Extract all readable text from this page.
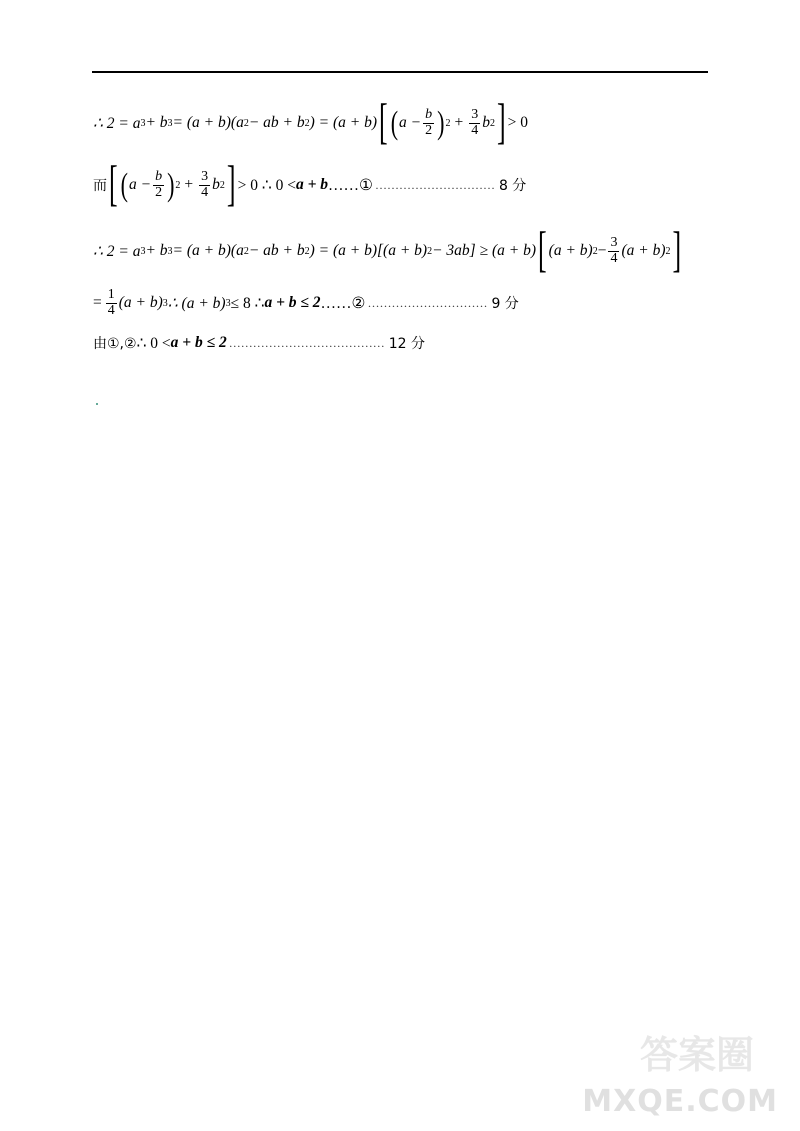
∴ 2 = a 3 + b 3 = (a + b)(a 2 − ab + b 2 ) = (a + b) [ ( $a - \frac{b}{2}$ ) $2 + \frac{3}{4}$ b 2 ] > 0
而 [ ( $a - \frac{b}{2}$ ) $2 + \frac{3}{4}$ b 2 ] > 0 ∴ 0 < a + b ……① ………………………… 8 分
∴ 2 = a 3 + b 3 = (a + b)(a 2 − ab + b 2 ) = (a + b)[(a + b) 2 − 3ab] ≥ (a + b) [ (a + b) $2 - \frac{3}{4} (a + b)$ 2 ]
= $\frac{1}{4} (a + b)$ 3 ∴ (a + b) 3 ≤ 8 ∴ a + b ≤ 2 ……② ………………………… 9 分
由①,② ∴ 0 < a + b ≤ 2 ………………………………… 12 分
答案圈
MXQE.COM
